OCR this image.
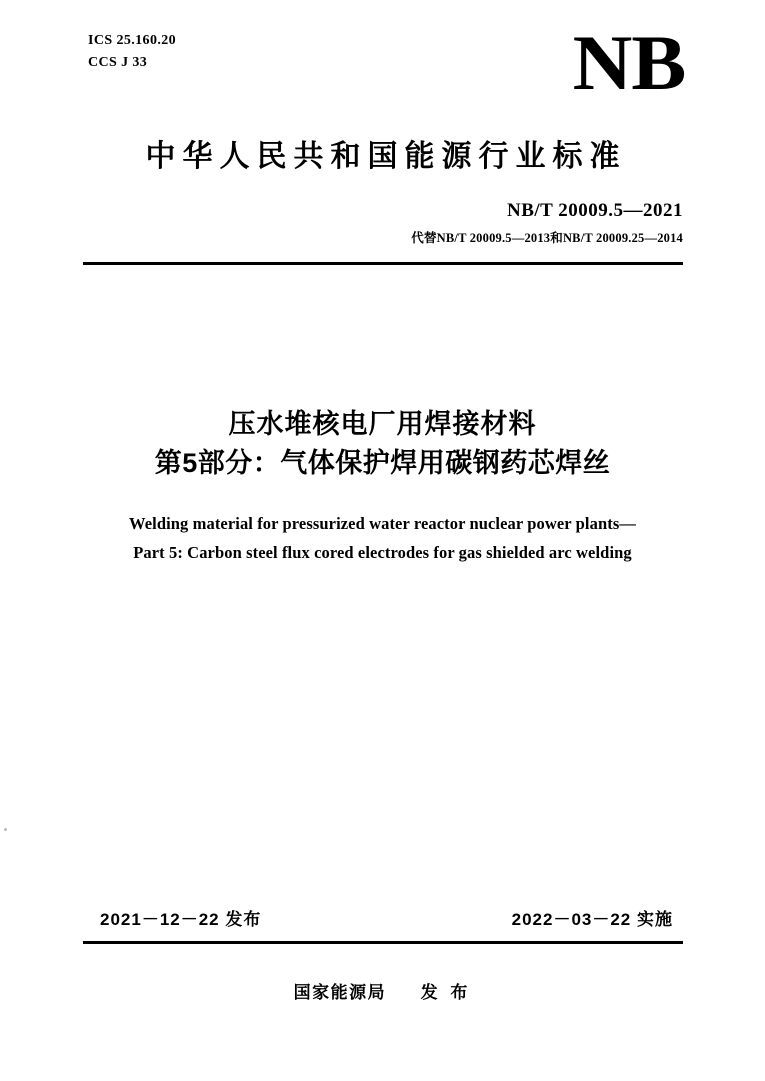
ICS 25.160.20
CCS J 33	NB
中华人民共和国能源行业标准
NB/T 20009.5—2021
代替NB/T 20009.5—2013和NB/T 20009.25—2014
压水堆核电厂用焊接材料
第5部分：气体保护焊用碳钢药芯焊丝
Welding material for pressurized water reactor nuclear power plants—
Part 5: Carbon steel flux cored electrodes for gas shielded arc welding
2021－12－22 发布	2022－03－22 实施
国家能源局 发 布
